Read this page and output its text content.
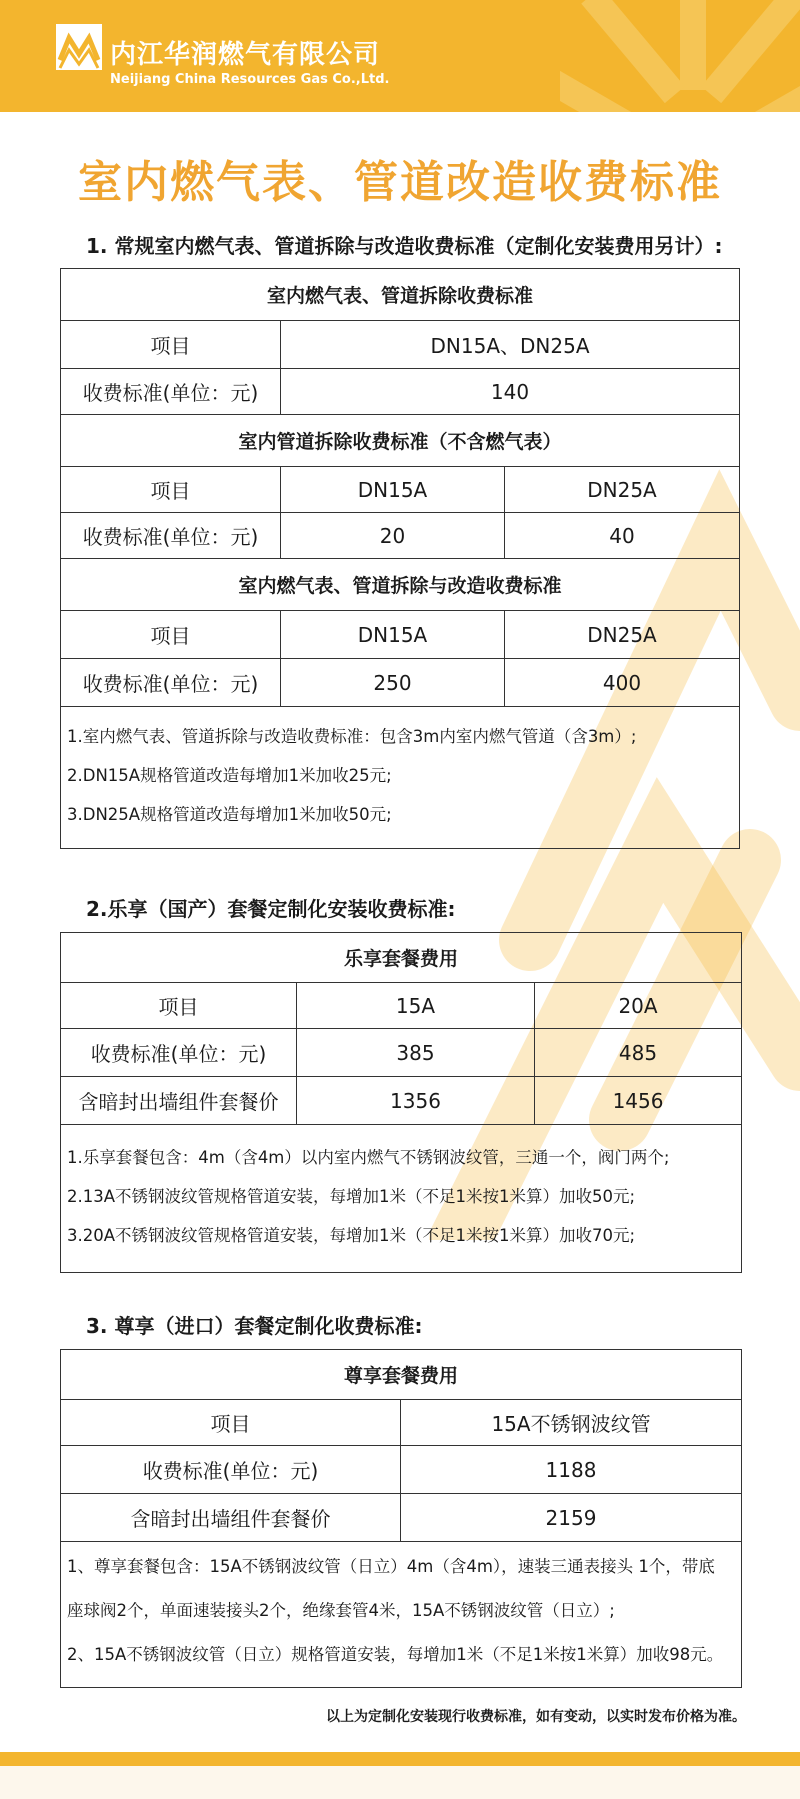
内江华润燃气有限公司
Neijiang China Resources Gas Co.,Ltd.
室内燃气表、管道改造收费标准
1. 常规室内燃气表、管道拆除与改造收费标准（定制化安装费用另计）:
室内燃气表、管道拆除收费标准		
项目	DN15A、DN25A	
收费标准(单位：元)	140	
室内管道拆除收费标准（不含燃气表）		
项目	DN15A	DN25A
收费标准(单位：元)	20	40
室内燃气表、管道拆除与改造收费标准		
项目	DN15A	DN25A
收费标准(单位：元)	250	400

1.室内燃气表、管道拆除与改造收费标准：包含3m内室内燃气管道（含3m）;
2.DN15A规格管道改造每增加1米加收25元;
3.DN25A规格管道改造每增加1米加收50元;		
2.乐享（国产）套餐定制化安装收费标准:
乐享套餐费用		
项目	15A	20A
收费标准(单位：元)	385	485
含暗封出墙组件套餐价	1356	1456

1.乐享套餐包含：4m（含4m）以内室内燃气不锈钢波纹管，三通一个，阀门两个;
2.13A不锈钢波纹管规格管道安装，每增加1米（不足1米按1米算）加收50元;
3.20A不锈钢波纹管规格管道安装，每增加1米（不足1米按1米算）加收70元;		
3. 尊享（进口）套餐定制化收费标准:
尊享套餐费用	
项目	15A不锈钢波纹管
收费标准(单位：元)	1188
含暗封出墙组件套餐价	2159

1、尊享套餐包含：15A不锈钢波纹管（日立）4m（含4m），速装三通表接头 1个，带底
座球阀2个，单面速装接头2个，绝缘套管4米，15A不锈钢波纹管（日立）;
2、15A不锈钢波纹管（日立）规格管道安装，每增加1米（不足1米按1米算）加收98元。	
以上为定制化安装现行收费标准，如有变动，以实时发布价格为准。
